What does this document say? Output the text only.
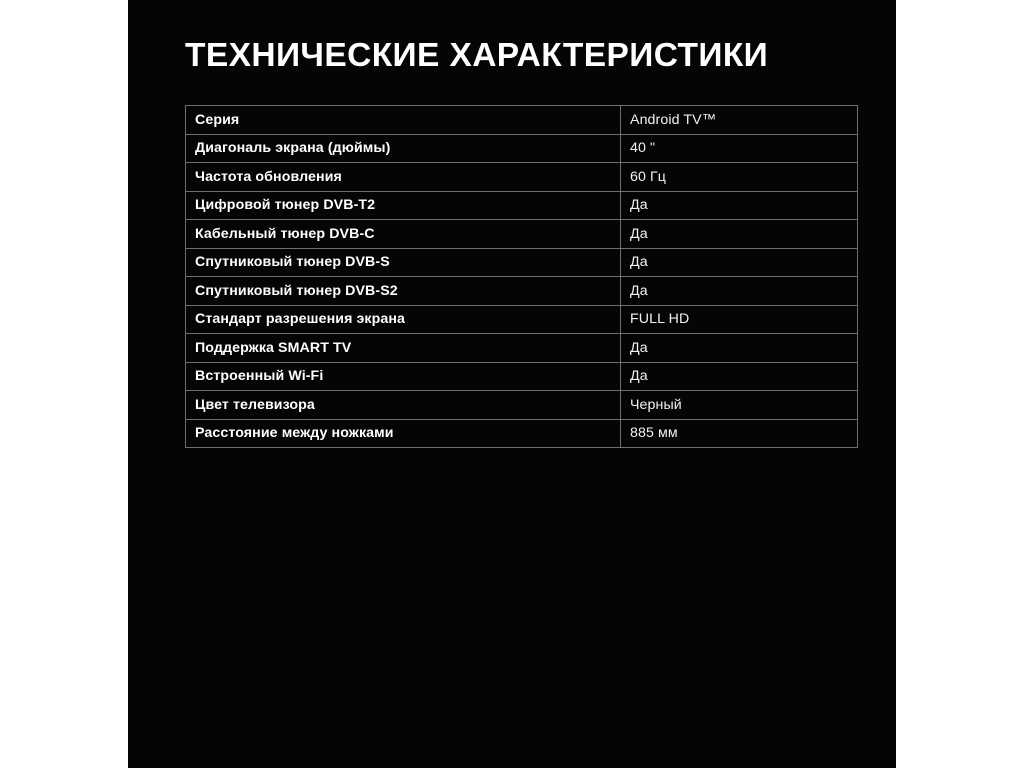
ТЕХНИЧЕСКИЕ ХАРАКТЕРИСТИКИ
Серия	Android TV™
Диагональ экрана (дюймы)	40 "
Частота обновления	60 Гц
Цифровой тюнер DVB-T2	Да
Кабельный тюнер DVB-C	Да
Спутниковый тюнер DVB-S	Да
Спутниковый тюнер DVB-S2	Да
Стандарт разрешения экрана	FULL HD
Поддержка SMART TV	Да
Встроенный Wi-Fi	Да
Цвет телевизора	Черный
Расстояние между ножками	885 мм
